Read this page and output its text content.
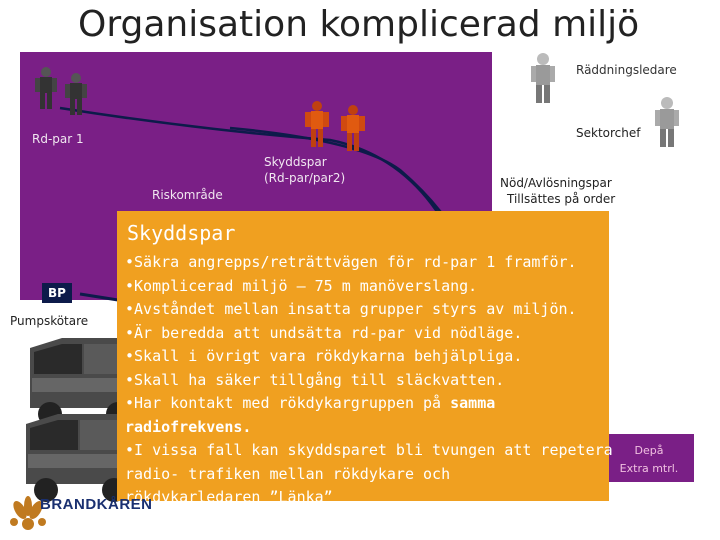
Organisation komplicerad miljö
Räddningsledare
Sektorchef
Rd-par 1
Skyddspar
(Rd-par/par2)
Riskområde
Nöd/Avlösningspar
Tillsättes på order
BP
Pumpskötare
Depå
Extra mtrl.
Skyddspar
•Säkra angrepps/reträttvägen för rd-par 1 framför.
•Komplicerad miljö – 75 m manöverslang.
•Avståndet mellan insatta grupper styrs av miljön.
•Är beredda att undsätta rd-par vid nödläge.
•Skall i övrigt vara rökdykarna behjälpliga.
•Skall ha säker tillgång till släckvatten.
•Har kontakt med rökdykargruppen på samma
radiofrekvens.
•I vissa fall kan skyddsparet bli tvungen att repetera
radio- trafiken mellan rökdykare och
rökdykarledaren ”Länka”
BRANDKÅREN
